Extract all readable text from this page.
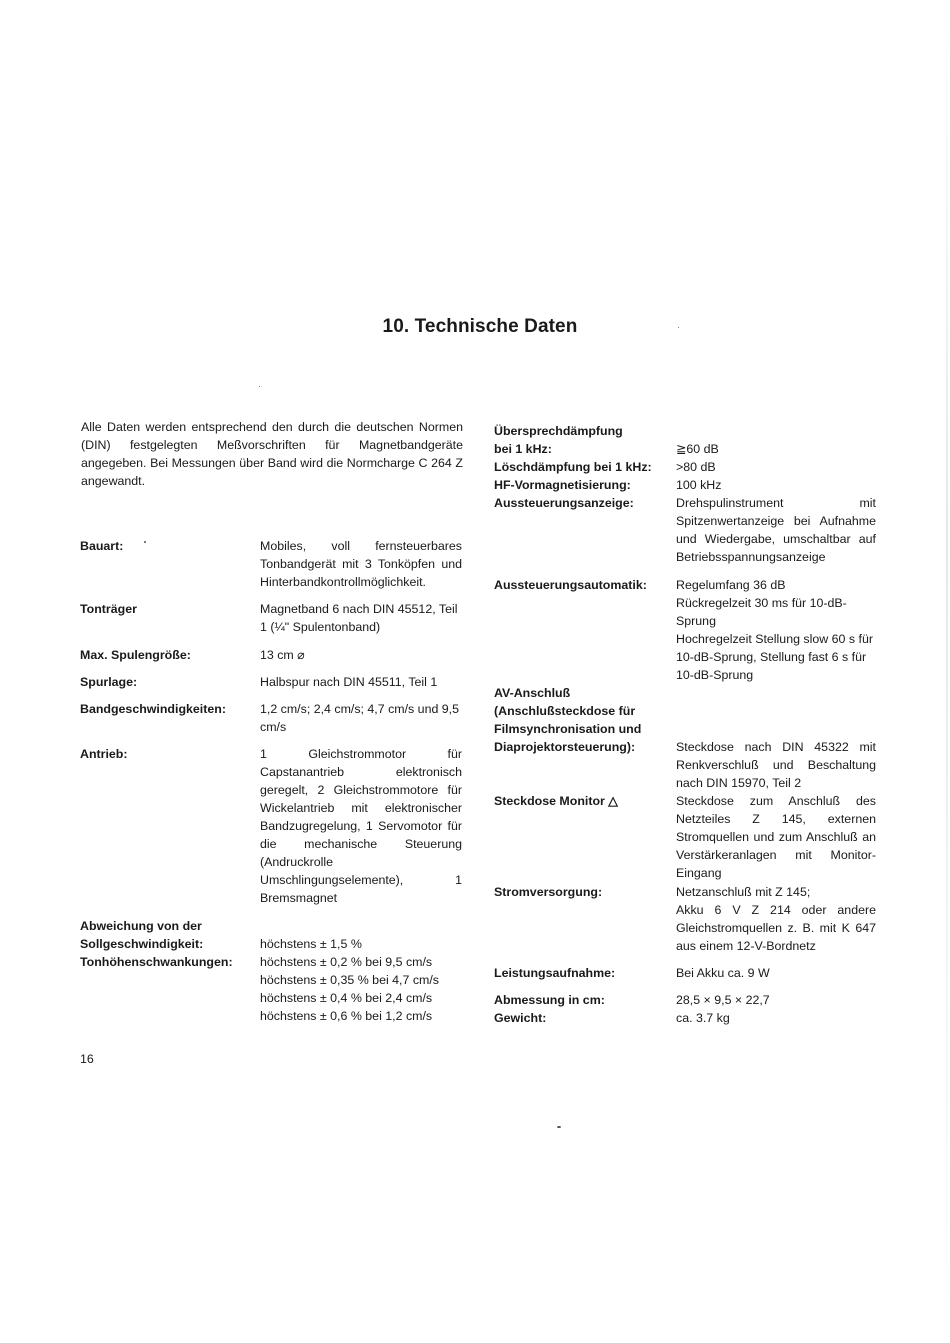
10. Technische Daten
Alle Daten werden entsprechend den durch die deutschen Normen (DIN) festgelegten Meßvorschriften für Magnetbandgeräte angegeben. Bei Messungen über Band wird die Normcharge C 264 Z angewandt.
Bauart:	Mobiles, voll fernsteuerbares Tonbandgerät mit 3 Tonköpfen und Hinterbandkontrollmöglichkeit.
Tonträger	Magnetband 6 nach DIN 45512, Teil 1 (¼" Spulentonband)
Max. Spulengröße:	13 cm ⌀
Spurlage:	Halbspur nach DIN 45511, Teil 1
Bandgeschwindigkeiten:	1,2 cm/s; 2,4 cm/s; 4,7 cm/s und 9,5 cm/s
Antrieb:	1 Gleichstrommotor für Capstanantrieb elektronisch geregelt, 2 Gleichstrommotore für Wickelantrieb mit elektronischer Bandzugregelung, 1 Servomotor für die mechanische Steuerung (Andruckrolle Umschlingungselemente), 1 Bremsmagnet
Abweichung von der
Sollgeschwindigkeit:	höchstens ± 1,5 %
Tonhöhenschwankungen:	höchstens ± 0,2 % bei 9,5 cm/s
höchstens ± 0,35 % bei 4,7 cm/s
höchstens ± 0,4 % bei 2,4 cm/s
höchstens ± 0,6 % bei 1,2 cm/s
Übersprechdämpfung
bei 1 kHz:	≧60 dB
Löschdämpfung bei 1 kHz:	>80 dB
HF-Vormagnetisierung:	100 kHz
Aussteuerungsanzeige:	Drehspulinstrument mit Spitzenwertanzeige bei Aufnahme und Wiedergabe, umschaltbar auf Betriebsspannungsanzeige
Aussteuerungsautomatik:	Regelumfang 36 dB
Rückregelzeit 30 ms für 10-dB-Sprung
Hochregelzeit Stellung slow 60 s für 10-dB-Sprung, Stellung fast 6 s für 10-dB-Sprung
AV-Anschluß
(Anschlußsteckdose für
Filmsynchronisation und
Diaprojektorsteuerung):	Steckdose nach DIN 45322 mit Renkverschluß und Beschaltung nach DIN 15970, Teil 2
Steckdose Monitor △	Steckdose zum Anschluß des Netzteiles Z 145, externen Stromquellen und zum Anschluß an Verstärkeranlagen mit Monitor-Eingang
Stromversorgung:	Netzanschluß mit Z 145;
Akku 6 V Z 214 oder andere Gleichstromquellen z. B. mit K 647 aus einem 12-V-Bordnetz
Leistungsaufnahme:	Bei Akku ca. 9 W
Abmessung in cm:	28,5 × 9,5 × 22,7
Gewicht:	ca. 3.7 kg
16
